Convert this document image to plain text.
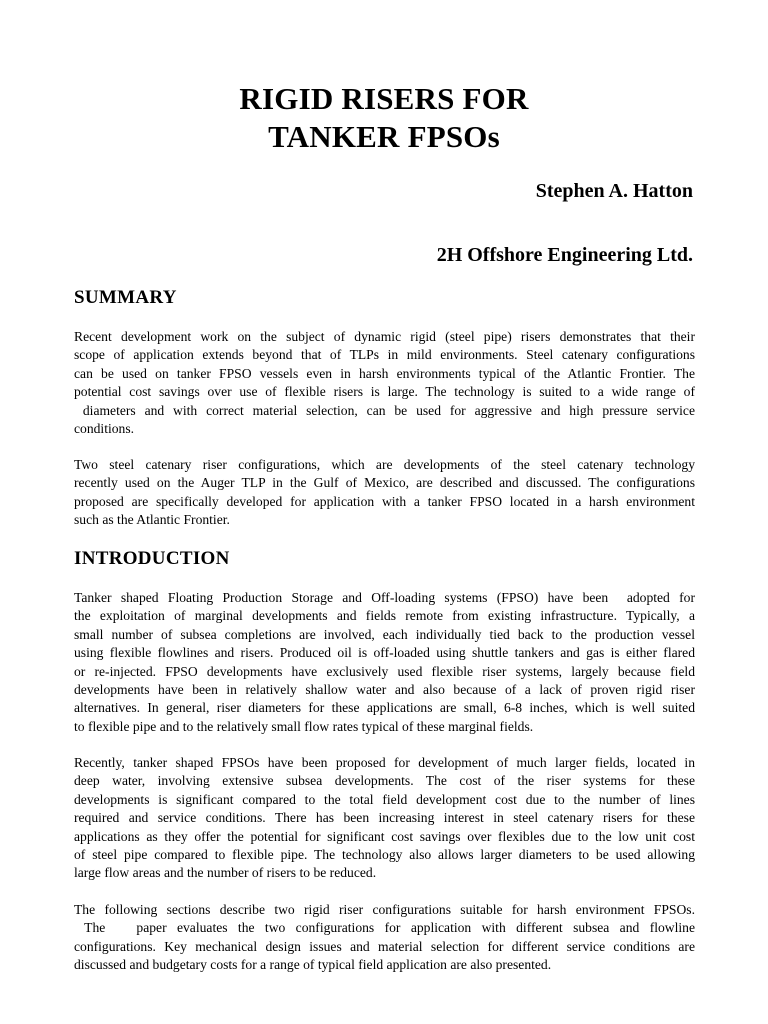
RIGID RISERS FOR
TANKER FPSOs
Stephen A. Hatton
2H Offshore Engineering Ltd.
SUMMARY
Recent development work on the subject of dynamic rigid (steel pipe) risers demonstrates that their
scope of application extends beyond that of TLPs in mild environments. Steel catenary configurations
can be used on tanker FPSO vessels even in harsh environments typical of the Atlantic Frontier. The
potential cost savings over use of flexible risers is large. The technology is suited to a wide range of
diameters and with correct material selection, can be used for aggressive and high pressure service
conditions.
Two steel catenary riser configurations, which are developments of the steel catenary technology
recently used on the Auger TLP in the Gulf of Mexico, are described and discussed. The configurations
proposed are specifically developed for application with a tanker FPSO located in a harsh environment
such as the Atlantic Frontier.
INTRODUCTION
Tanker shaped Floating Production Storage and Off-loading systems (FPSO) have been  adopted for
the exploitation of marginal developments and fields remote from existing infrastructure. Typically, a
small number of subsea completions are involved, each individually tied back to the production vessel
using flexible flowlines and risers. Produced oil is off-loaded using shuttle tankers and gas is either flared
or re-injected. FPSO developments have exclusively used flexible riser systems, largely because field
developments have been in relatively shallow water and also because of a lack of proven rigid riser
alternatives. In general, riser diameters for these applications are small, 6-8 inches, which is well suited
to flexible pipe and to the relatively small flow rates typical of these marginal fields.
Recently, tanker shaped FPSOs have been proposed for development of much larger fields, located in
deep water, involving extensive subsea developments. The cost of the riser systems for these
developments is significant compared to the total field development cost due to the number of lines
required and service conditions. There has been increasing interest in steel catenary risers for these
applications as they offer the potential for significant cost savings over flexibles due to the low unit cost
of steel pipe compared to flexible pipe. The technology also allows larger diameters to be used allowing
large flow areas and the number of risers to be reduced.
The following sections describe two rigid riser configurations suitable for harsh environment FPSOs.
The   paper evaluates the two configurations for application with different subsea and flowline
configurations. Key mechanical design issues and material selection for different service conditions are
discussed and budgetary costs for a range of typical field application are also presented.
